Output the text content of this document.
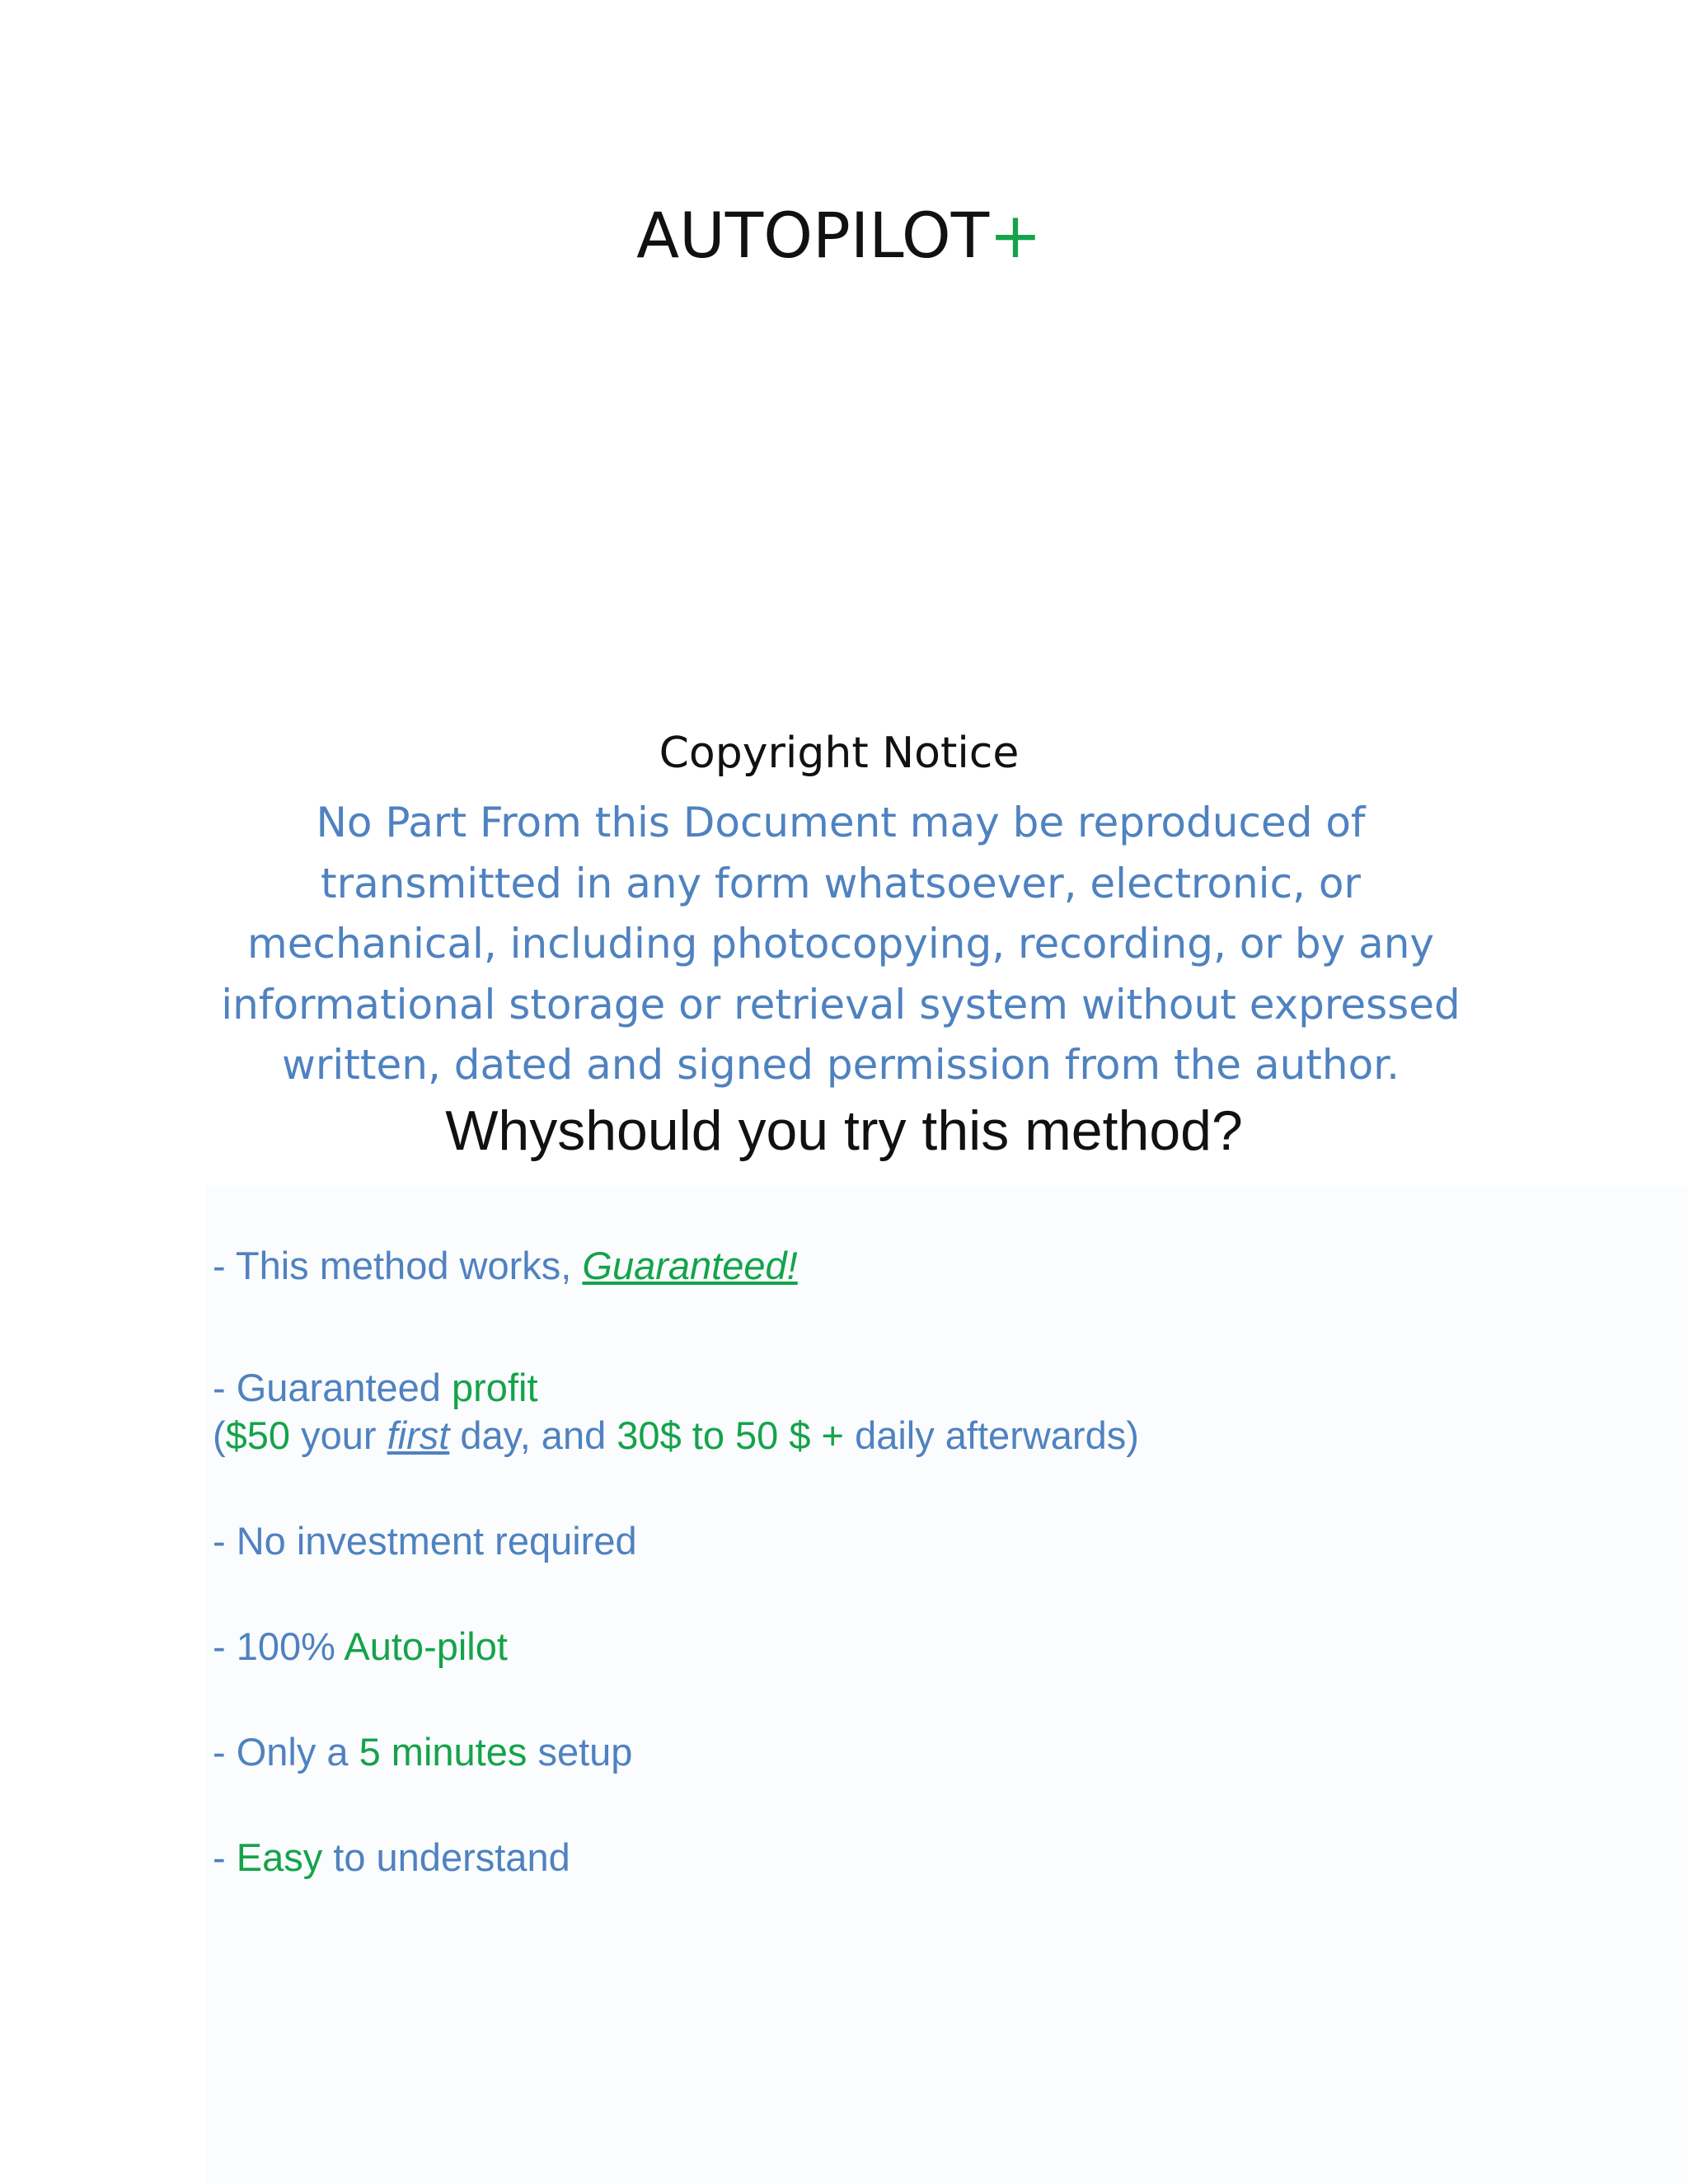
AUTOPILOT+
Copyright Notice
No Part From this Document may be reproduced of
transmitted in any form whatsoever, electronic, or
mechanical, including photocopying, recording, or by any
informational storage or retrieval system without expressed
written, dated and signed permission from the author.
Whyshould you try this method?
- This method works, Guaranteed!
- Guaranteed profit
($50 your first day, and 30$ to 50 $ + daily afterwards)
- No investment required
- 100% Auto-pilot
- Only a 5 minutes setup
- Easy to understand
